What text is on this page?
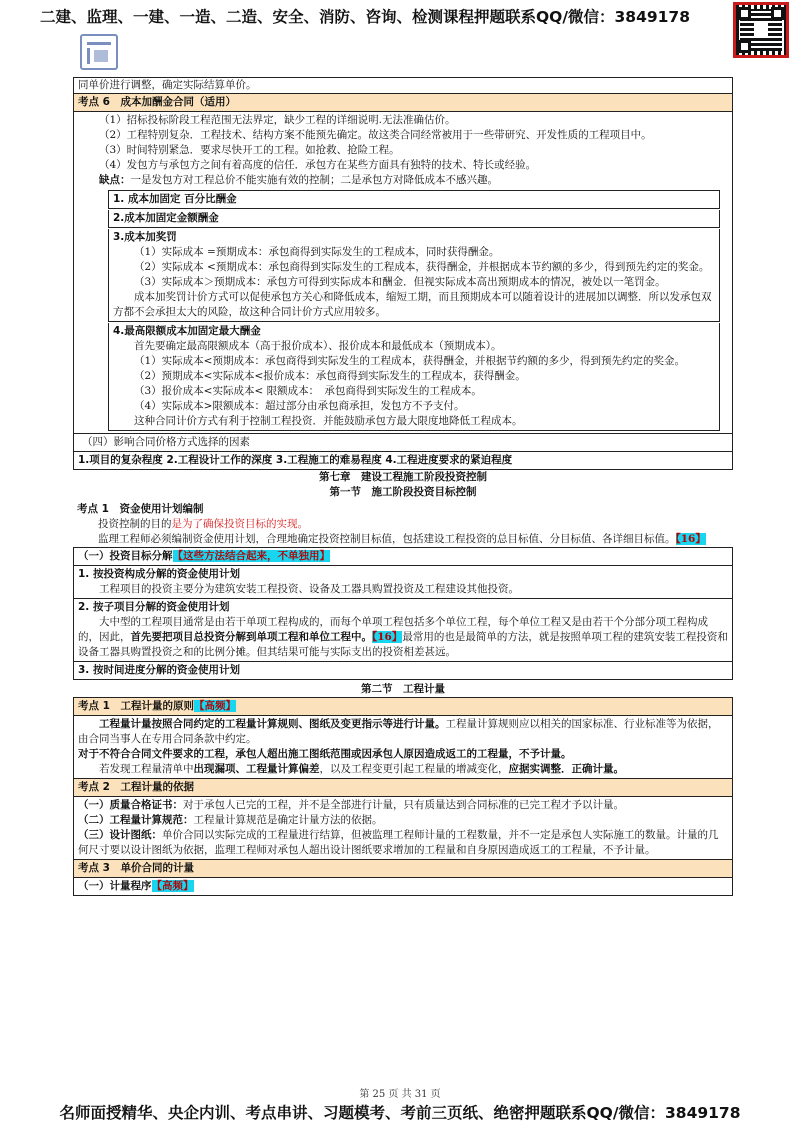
二建、监理、一建、一造、二造、安全、消防、咨询、检测课程押题联系QQ/微信：3849178
同单价进行调整，确定实际结算单价。
考点 6　成本加酬金合同（适用）
（1）招标投标阶段工程范围无法界定，缺少工程的详细说明.无法准确估价。
（2）工程特别复杂．工程技术、结构方案不能预先确定。故这类合同经常被用于一些带研究、开发性质的工程项目中。
（3）时间特别紧急．要求尽快开工的工程。如抢救、抢险工程。
（4）发包方与承包方之间有着高度的信任．承包方在某些方面具有独特的技术、特长或经验。
缺点：一是发包方对工程总价不能实施有效的控制；二是承包方对降低成本不感兴趣。
1. 成本加固定 百分比酬金
2.成本加固定金额酬金
3.成本加奖罚
（1）实际成本 =预期成本：承包商得到实际发生的工程成本，同时获得酬金。
（2）实际成本 <预期成本：承包商得到实际发生的工程成本，获得酬金，并根据成本节约额的多少，得到预先约定的奖金。
（3）实际成本＞预期成本：承包方可得到实际成本和酬金．但视实际成本高出预期成本的情况，被处以一笔罚金。
成本加奖罚计价方式可以促使承包方关心和降低成本，缩短工期，而且预期成本可以随着设计的进展加以调整．所以发承包双方都不会承担太大的风险，故这种合同计价方式应用较多。
4.最高限额成本加固定最大酬金
首先要确定最高限额成本（高于报价成本）、报价成本和最低成本（预期成本）。
（1）实际成本<预期成本：承包商得到实际发生的工程成本，获得酬金，并根据节约额的多少，得到预先约定的奖金。
（2）预期成本<实际成本<报价成本：承包商得到实际发生的工程成本，获得酬金。
（3）报价成本<实际成本< 限额成本：　承包商得到实际发生的工程成本。
（4）实际成本>限额成本：超过部分由承包商承担，发包方不予支付。
这种合同计价方式有利于控制工程投资．并能鼓励承包方最大限度地降低工程成本。
（四）影响合同价格方式选择的因素
1.项目的复杂程度 2.工程设计工作的深度 3.工程施工的难易程度 4.工程进度要求的紧迫程度
第七章　建设工程施工阶段投资控制
第一节　施工阶段投资目标控制
考点 1　资金使用计划编制
投资控制的目的是为了确保投资目标的实现。
监理工程师必须编制资金使用计划，合理地确定投资控制目标值，包括建设工程投资的总目标值、分目标值、各详细目标值。【16】
（一）投资目标分解【这些方法结合起来，不单独用】
1. 按投资构成分解的资金使用计划
工程项目的投资主要分为建筑安装工程投资、设备及工器具购置投资及工程建设其他投资。
2. 按子项目分解的资金使用计划
大中型的工程项目通常是由若干单项工程构成的，而每个单项工程包括多个单位工程，每个单位工程又是由若干个分部分项工程构成的，因此，首先要把项目总投资分解到单项工程和单位工程中。【16】最常用的也是最简单的方法，就是按照单项工程的建筑安装工程投资和设备工器具购置投资之和的比例分摊。但其结果可能与实际支出的投资相差甚远。
3. 按时间进度分解的资金使用计划
第二节　工程计量
考点 1　工程计量的原则【高频】
工程量计量按照合同约定的工程量计算规则、图纸及变更指示等进行计量。工程量计算规则应以相关的国家标准、行业标准等为依据，由合同当事人在专用合同条款中约定。
对于不符合合同文件要求的工程，承包人超出施工图纸范围或因承包人原因造成返工的工程量，不予计量。
若发现工程量清单中出现漏项、工程量计算偏差，以及工程变更引起工程量的增减变化，应据实调整．正确计量。
考点 2　工程计量的依据
（一）质量合格证书：对于承包人已完的工程，并不是全部进行计量，只有质量达到合同标准的已完工程才予以计量。
（二）工程量计算规范：工程量计算规范是确定计量方法的依据。
（三）设计图纸：单价合同以实际完成的工程量进行结算，但被监理工程师计量的工程数量，并不一定是承包人实际施工的数量。计量的几何尺寸要以设计图纸为依据，监理工程师对承包人超出设计图纸要求增加的工程量和自身原因造成返工的工程量，不予计量。
考点 3　单价合同的计量
（一）计量程序【高频】
第 25 页 共 31 页
名师面授精华、央企内训、考点串讲、习题模考、考前三页纸、绝密押题联系QQ/微信：3849178
